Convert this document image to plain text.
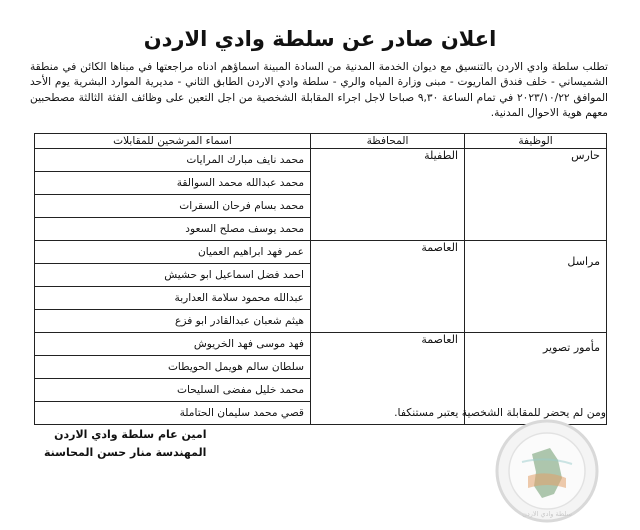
اعلان صادر عن سلطة وادي الاردن
تطلب سلطة وادي الاردن بالتنسيق مع ديوان الخدمة المدنية من السادة المبينة اسماؤهم ادناه مراجعتها في مبناها الكائن في منطقة الشميساني - خلف فندق الماريوت - مبنى وزارة المياه والري - سلطة وادي الاردن الطابق الثاني - مديرية الموارد البشرية يوم الأحد الموافق ٢٠٢٣/١٠/٢٢ في تمام الساعة ٩,٣٠ صباحا لاجل اجراء المقابلة الشخصية من اجل التعين على وظائف الفئة الثالثة مصطحبين معهم هوية الاحوال المدنية.
الوظيفة	المحافظة	اسماء المرشحين للمقابلات
حارس	الطفيلة	محمد نايف مبارك المرايات
		محمد عبدالله محمد السوالقة
		محمد بسام فرحان السقرات
		محمد يوسف مصلح السعود
مراسل	العاصمة	عمر فهد ابراهيم العميان
		احمد فضل اسماعيل ابو حشيش
		عبدالله محمود سلامة العداربة
		هيثم شعبان عبدالقادر ابو فزع
مأمور تصوير	العاصمة	فهد موسى فهد الخريوش
		سلطان سالم هويمل الحويطات
		محمد خليل مفضى السليحات
		قصي محمد سليمان الحتاملة	ومن لم يحضر للمقابلة الشخصية يعتبر مستنكفا.
امين عام سلطة وادي الاردن
المهندسة منار حسن المحاسنة
سلطة وادي الاردن
